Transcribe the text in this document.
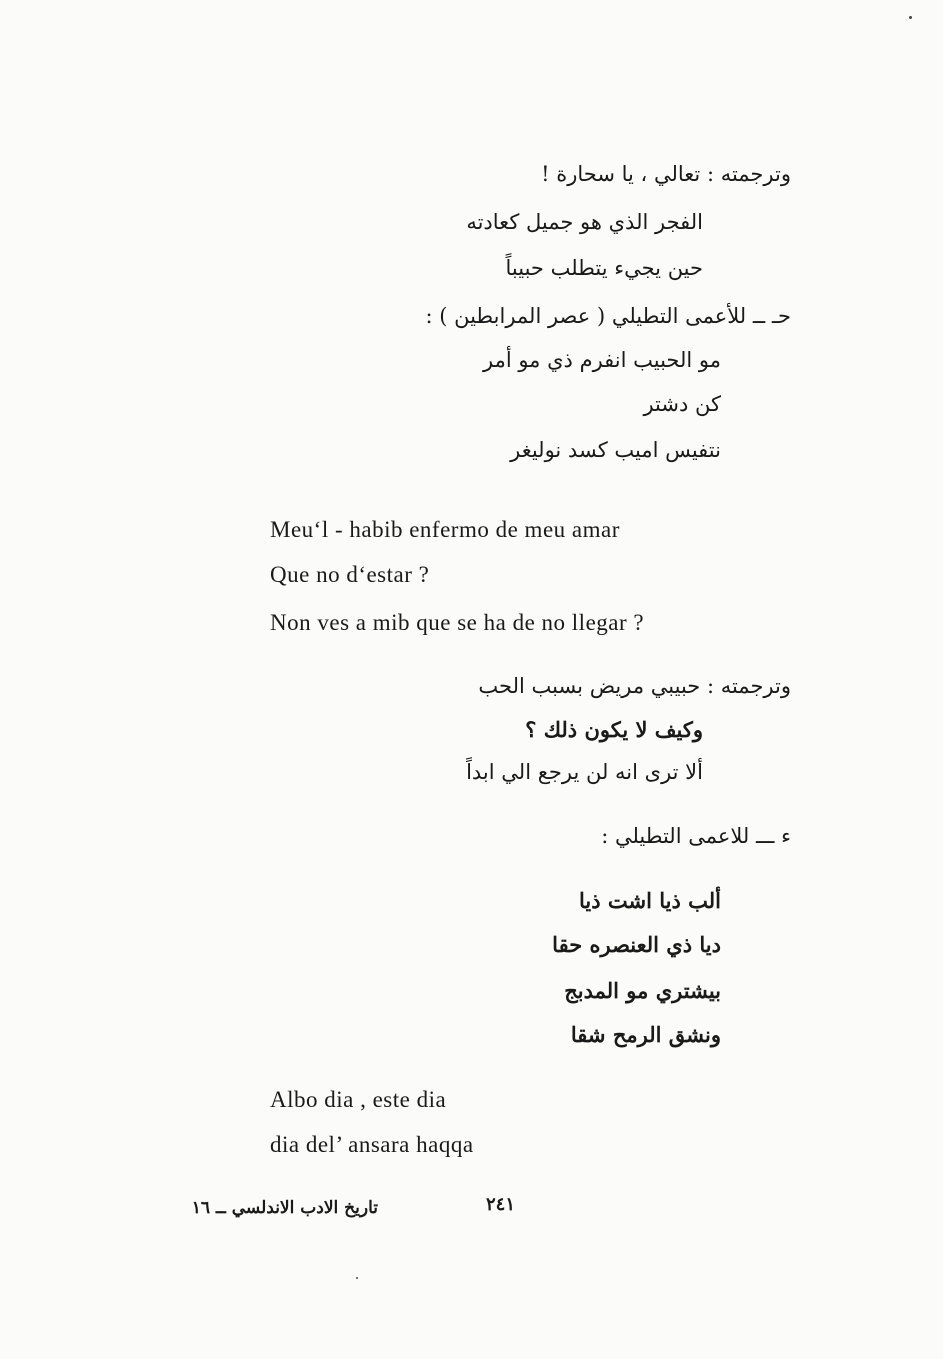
وترجمته : تعالي ، يا سحارة !
الفجر الذي هو جميل كعادته
حين يجيء يتطلب حبيباً
حـ ــ للأعمى التطيلي ( عصر المرابطين ) :
مو الحبيب انفرم ذي مو أمر
كن دشتر
نتفيس اميب كسد نوليغر
Meu‘l - habib enfermo de meu amar
Que no d‘estar ?
Non ves a mib que se ha de no llegar ?
وترجمته : حبيبي مريض بسبب الحب
وكيف لا يكون ذلك ؟
ألا ترى انه لن يرجع الي ابداً
ء ـــ للاعمى التطيلي :
ألب ذيا اشت ذيا
ديا ذي العنصره حقا
بيشتري مو المدبج
ونشق الرمح شقا
Albo dia , este dia
dia del’ ansara haqqa
٢٤١
تاريخ الادب الاندلسي ــ ١٦
